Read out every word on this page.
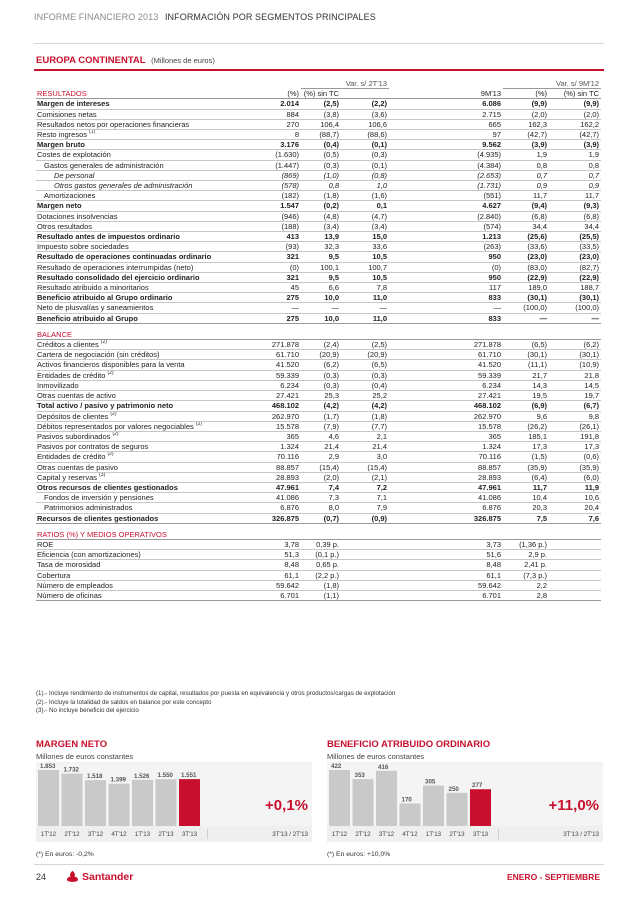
INFORME FINANCIERO 2013 INFORMACIÓN POR SEGMENTOS PRINCIPALES
EUROPA CONTINENTAL (Millones de euros)
		Var. s/ 2T'13			Var. s/ 9M'12	
RESULTADOS	(%)	(%) sin TC		9M'13	(%)	(%) sin TC
Margen de intereses	2.014	(2,5)	(2,2)	6.086	(9,9)	(9,9)
Comisiones netas	884	(3,8)	(3,6)	2.715	(2,0)	(2,0)
Resultados netos por operaciones financieras	270	106,4	106,6	665	162,3	162,2
Resto ingresos $^{(1)}$	8	(88,7)	(88,6)	97	(42,7)	(42,7)
Margen bruto	3.176	(0,4)	(0,1)	9.562	(3,9)	(3,9)
Costes de explotación	(1.630)	(0,5)	(0,3)	(4.935)	1,9	1,9
Gastos generales de administración	(1.447)	(0,3)	(0,1)	(4.384)	0,8	0,8
De personal	(869)	(1,0)	(0,8)	(2.653)	0,7	0,7
Otros gastos generales de administración	(578)	0,8	1,0	(1.731)	0,9	0,9
Amortizaciones	(182)	(1,8)	(1,6)	(551)	11,7	11,7
Margen neto	1.547	(0,2)	0,1	4.627	(9,4)	(9,3)
Dotaciones insolvencias	(946)	(4,8)	(4,7)	(2.840)	(6,8)	(6,8)
Otros resultados	(188)	(3,4)	(3,4)	(574)	34,4	34,4
Resultado antes de impuestos ordinario	413	13,9	15,0	1.213	(25,6)	(25,5)
Impuesto sobre sociedades	(93)	32,3	33,6	(263)	(33,6)	(33,5)
Resultado de operaciones continuadas ordinario	321	9,5	10,5	950	(23,0)	(23,0)
Resultado de operaciones interrumpidas (neto)	(0)	100,1	100,7	(0)	(83,0)	(82,7)
Resultado consolidado del ejercicio ordinario	321	9,5	10,5	950	(22,9)	(22,9)
Resultado atribuido a minoritarios	45	6,6	7,8	117	189,0	188,7
Beneficio atribuido al Grupo ordinario	275	10,0	11,0	833	(30,1)	(30,1)
Neto de plusvalías y saneamientos	—	—	—	—	(100,0)	(100,0)
Beneficio atribuido al Grupo	275	10,0	11,0	833	—	—

BALANCE						
Créditos a clientes $^{(2)}$	271.878	(2,4)	(2,5)	271.878	(6,5)	(6,2)
Cartera de negociación (sin créditos)	61.710	(20,9)	(20,9)	61.710	(30,1)	(30,1)
Activos financieros disponibles para la venta	41.520	(6,2)	(6,5)	41.520	(11,1)	(10,9)
Entidades de crédito $^{(2)}$	59.339	(0,3)	(0,3)	59.339	21,7	21,8
Inmovilizado	6.234	(0,3)	(0,4)	6.234	14,3	14,5
Otras cuentas de activo	27.421	25,3	25,2	27.421	19,5	19,7
Total activo / pasivo y patrimonio neto	468.102	(4,2)	(4,2)	468.102	(6,9)	(6,7)
Depósitos de clientes $^{(2)}$	262.970	(1,7)	(1,8)	262.970	9,6	9,8
Débitos representados por valores negociables $^{(2)}$	15.578	(7,9)	(7,7)	15.578	(26,2)	(26,1)
Pasivos subordinados $^{(2)}$	365	4,6	2,1	365	185,1	191,8
Pasivos por contratos de seguros	1.324	21,4	21,4	1.324	17,3	17,3
Entidades de crédito $^{(2)}$	70.116	2,9	3,0	70.116	(1,5)	(0,6)
Otras cuentas de pasivo	88.857	(15,4)	(15,4)	88.857	(35,9)	(35,9)
Capital y reservas $^{(3)}$	28.893	(2,0)	(2,1)	28.893	(6,4)	(6,0)
Otros recursos de clientes gestionados	47.961	7,4	7,2	47.961	11,7	11,9
Fondos de inversión y pensiones	41.086	7,3	7,1	41.086	10,4	10,6
Patrimonios administrados	6.876	8,0	7,9	6.876	20,3	20,4
Recursos de clientes gestionados	326.875	(0,7)	(0,9)	326.875	7,5	7,6

RATIOS (%) Y MEDIOS OPERATIVOS						
ROE	3,78	0,39 p.		3,73	(1,36 p.)	
Eficiencia (con amortizaciones)	51,3	(0,1 p.)		51,6	2,9 p.	
Tasa de morosidad	8,48	0,65 p.		8,48	2,41 p.	
Cobertura	61,1	(2,2 p.)		61,1	(7,3 p.)	
Número de empleados	59.642	(1,8)		59.642	2,2	
Número de oficinas	6.701	(1,1)		6.701	2,8	
(1).- Incluye rendimiento de instrumentos de capital, resultados por puesta en equivalencia y otros productos/cargas de explotación
(2).- Incluye la totalidad de saldos en balance por este concepto
(3).- No incluye beneficio del ejercicio
MARGEN NETO
Millones de euros constantes
1.853
1T'12
1.732
2T'12
1.518
3T'12
1.399
4T'12
1.526
1T'13
1.550
2T'13
1.551
3T'13
+0,1%
3T'13 / 2T'13
(*) En euros: -0,2%
BENEFICIO ATRIBUIDO ORDINARIO
Millones de euros constantes
422
1T'12
353
2T'12
416
3T'12
170
4T'12
305
1T'13
250
2T'13
277
3T'13
+11,0%
3T'13 / 2T'13
(*) En euros: +10,0%
24	Santander	ENERO - SEPTIEMBRE
